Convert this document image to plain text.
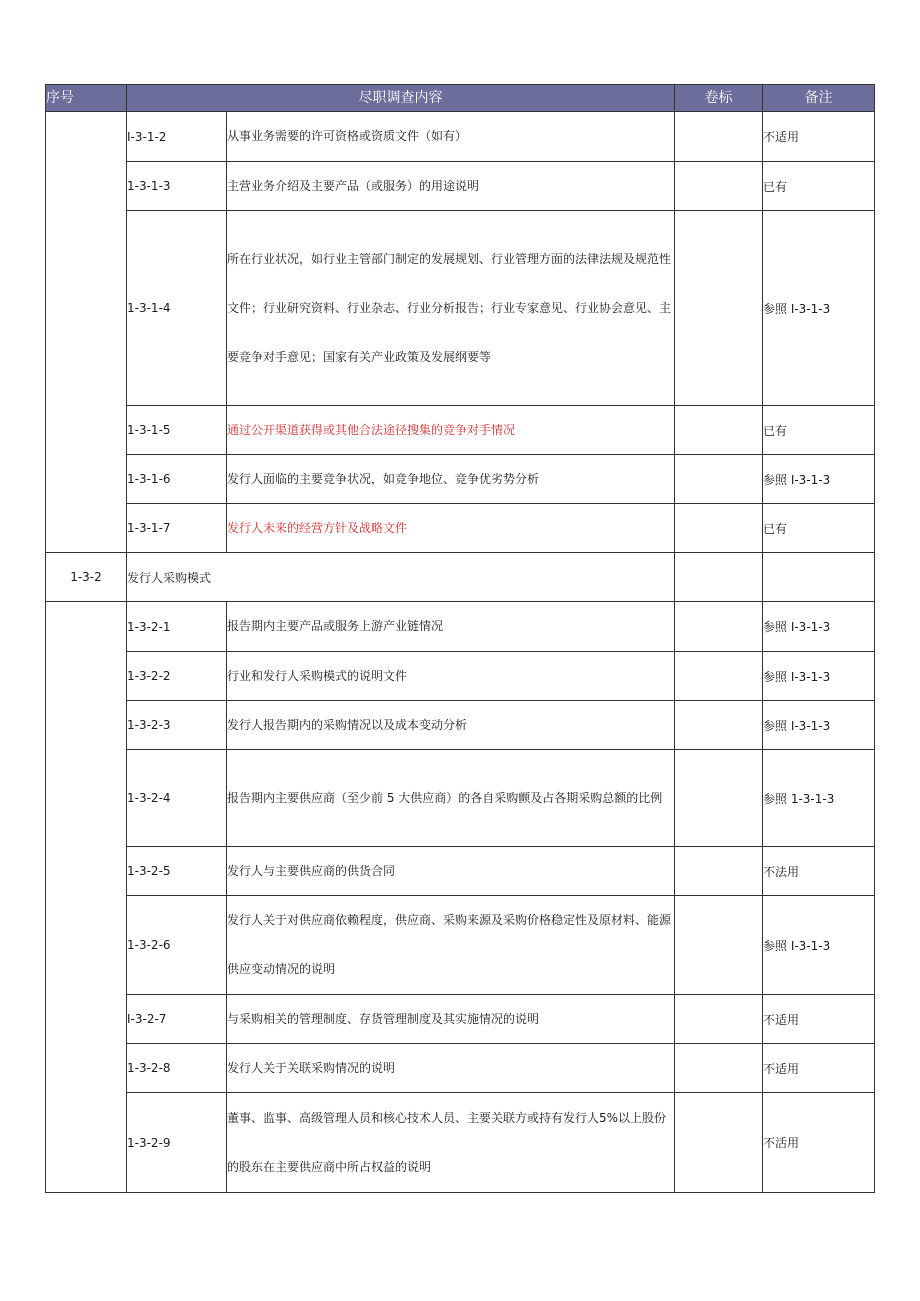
序号	尽职调查内容		卷标	备注
	I-3-1-2	从事业务需要的许可资格或资质文件（如有）		不适用
	1-3-1-3	主营业务介绍及主要产品（或服务）的用途说明		已有
	1-3-1-4	所在行业状况，如行业主管部门制定的发展规划、行业管理方面的法律法规及规范性文件；行业研究资料、行业杂志、行业分析报告；行业专家意见、行业协会意见、主要竞争对手意见；国家有关产业政策及发展纲要等		参照 I-3-1-3
	1-3-1-5	通过公开渠道获得或其他合法途径搜集的竞争对手情况		已有
	1-3-1-6	发行人面临的主要竞争状况，如竞争地位、竞争优劣势分析		参照 I-3-1-3
	1-3-1-7	发行人未来的经营方针及战略文件		已有
1-3-2	发行人采购模式			
	1-3-2-1	报告期内主要产品或服务上游产业链情况		参照 I-3-1-3
	1-3-2-2	行业和发行人采购模式的说明文件		参照 I-3-1-3
	1-3-2-3	发行人报告期内的采购情况以及成本变动分析		参照 I-3-1-3
	1-3-2-4	报告期内主要供应商（至少前 5 大供应商）的各自采购颤及占各期采购总额的比例		参照 1-3-1-3
	1-3-2-5	发行人与主要供应商的供货合同		不法用
	1-3-2-6	发行人关于对供应商依赖程度，供应商、采购来源及采购价格稳定性及原材料、能源供应变动情况的说明		参照 I-3-1-3
	I-3-2-7	与采购相关的管理制度、存货管理制度及其实施情况的说明		不适用
	1-3-2-8	发行人关于关联采购情况的说明		不适用
	1-3-2-9	董事、监事、高级管理人员和核心技术人员、主要关联方或持有发行人5%以上股份的股东在主要供应商中所占权益的说明		不活用
